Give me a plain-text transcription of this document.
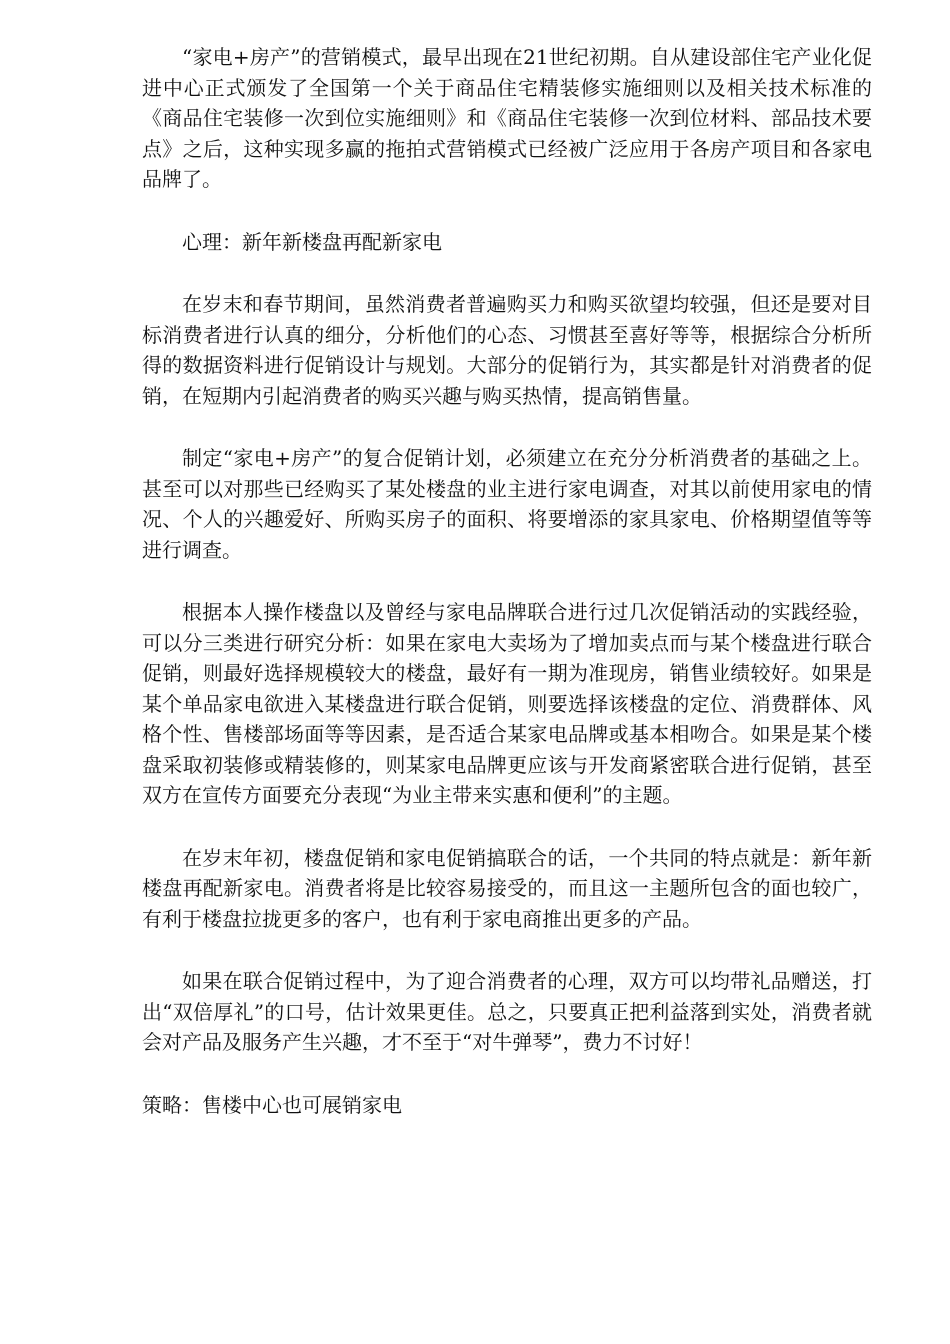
“家电+房产”的营销模式，最早出现在21世纪初期。自从建设部住宅产业化促进中心正式颁发了全国第一个关于商品住宅精装修实施细则以及相关技术标准的《商品住宅装修一次到位实施细则》和《商品住宅装修一次到位材料、部品技术要点》之后，这种实现多赢的拖拍式营销模式已经被广泛应用于各房产项目和各家电品牌了。

心理：新年新楼盘再配新家电

在岁末和春节期间，虽然消费者普遍购买力和购买欲望均较强，但还是要对目标消费者进行认真的细分，分析他们的心态、习惯甚至喜好等等，根据综合分析所得的数据资料进行促销设计与规划。大部分的促销行为，其实都是针对消费者的促销，在短期内引起消费者的购买兴趣与购买热情，提高销售量。

制定“家电+房产”的复合促销计划，必须建立在充分分析消费者的基础之上。甚至可以对那些已经购买了某处楼盘的业主进行家电调查，对其以前使用家电的情况、个人的兴趣爱好、所购买房子的面积、将要增添的家具家电、价格期望值等等进行调查。

根据本人操作楼盘以及曾经与家电品牌联合进行过几次促销活动的实践经验，可以分三类进行研究分析：如果在家电大卖场为了增加卖点而与某个楼盘进行联合促销，则最好选择规模较大的楼盘，最好有一期为准现房，销售业绩较好。如果是某个单品家电欲进入某楼盘进行联合促销，则要选择该楼盘的定位、消费群体、风格个性、售楼部场面等等因素，是否适合某家电品牌或基本相吻合。如果是某个楼盘采取初装修或精装修的，则某家电品牌更应该与开发商紧密联合进行促销，甚至双方在宣传方面要充分表现“为业主带来实惠和便利”的主题。

在岁末年初，楼盘促销和家电促销搞联合的话，一个共同的特点就是：新年新楼盘再配新家电。消费者将是比较容易接受的，而且这一主题所包含的面也较广，有利于楼盘拉拢更多的客户，也有利于家电商推出更多的产品。

如果在联合促销过程中，为了迎合消费者的心理，双方可以均带礼品赠送，打出“双倍厚礼”的口号，估计效果更佳。总之，只要真正把利益落到实处，消费者就会对产品及服务产生兴趣，才不至于“对牛弹琴”，费力不讨好！

策略：售楼中心也可展销家电
